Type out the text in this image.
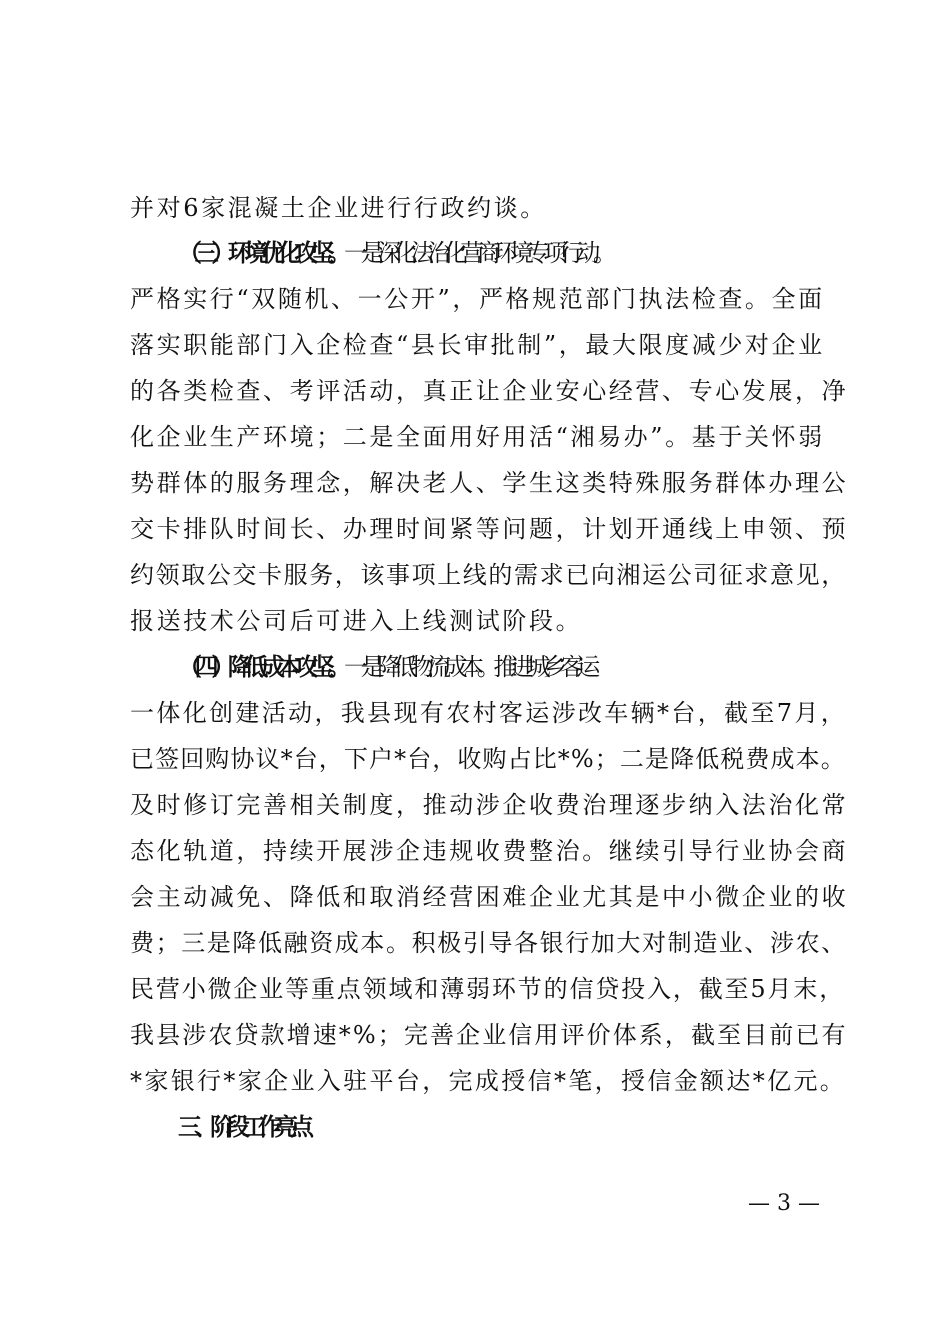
并对6家混凝土企业进行行政约谈。
（三）环境优化攻坚。一是深化法治化营商环境专项行动。
严格实行“双随机、一公开”，严格规范部门执法检查。全面
落实职能部门入企检查“县长审批制”，最大限度减少对企业
的各类检查、考评活动，真正让企业安心经营、专心发展，净
化企业生产环境；二是全面用好用活“湘易办”。基于关怀弱
势群体的服务理念，解决老人、学生这类特殊服务群体办理公
交卡排队时间长、办理时间紧等问题，计划开通线上申领、预
约领取公交卡服务，该事项上线的需求已向湘运公司征求意见，
报送技术公司后可进入上线测试阶段。
（四）降低成本攻坚。一是降低物流成本。推进城乡客运
一体化创建活动，我县现有农村客运涉改车辆*台，截至7月，
已签回购协议*台，下户*台，收购占比*%；二是降低税费成本。
及时修订完善相关制度，推动涉企收费治理逐步纳入法治化常
态化轨道，持续开展涉企违规收费整治。继续引导行业协会商
会主动减免、降低和取消经营困难企业尤其是中小微企业的收
费；三是降低融资成本。积极引导各银行加大对制造业、涉农、
民营小微企业等重点领域和薄弱环节的信贷投入，截至5月末，
我县涉农贷款增速*%；完善企业信用评价体系，截至目前已有
*家银行*家企业入驻平台，完成授信*笔，授信金额达*亿元。
三、阶段工作亮点
— 3 —
